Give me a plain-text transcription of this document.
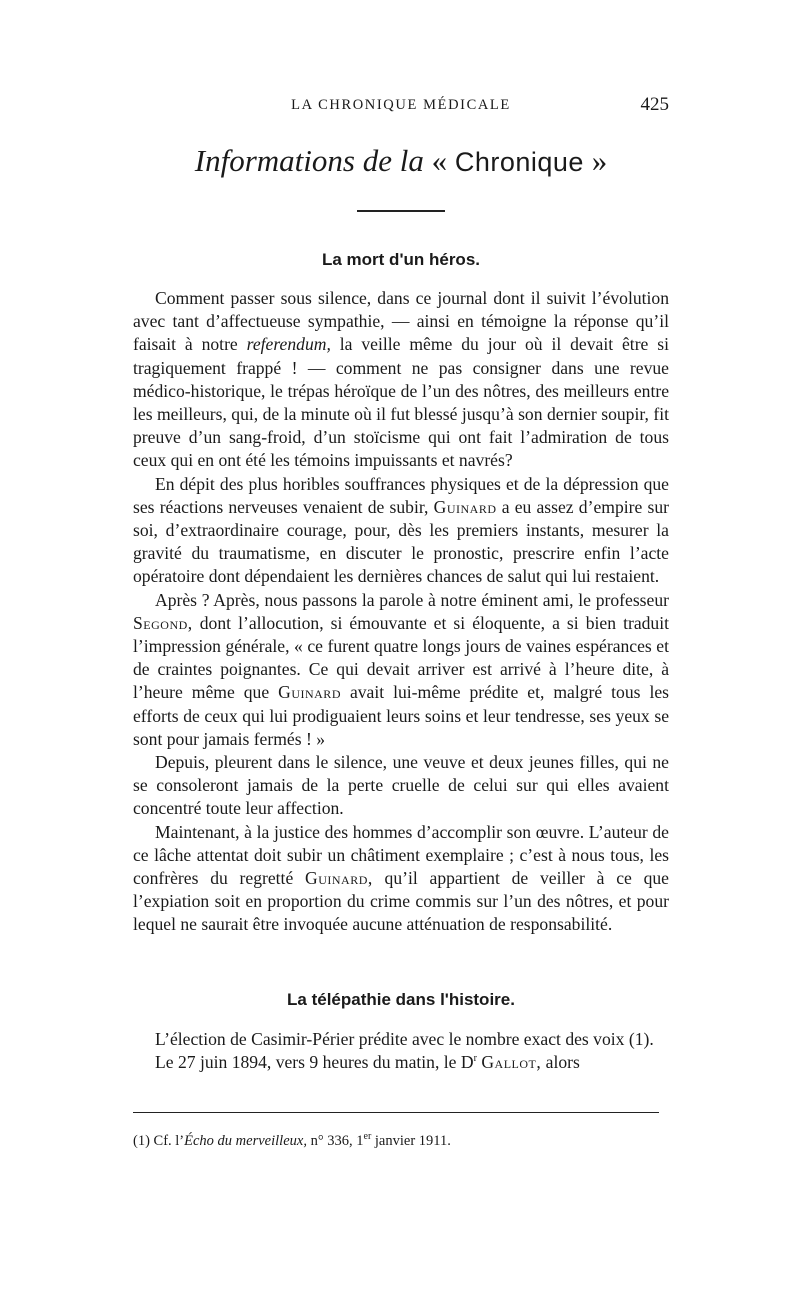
LA CHRONIQUE MÉDICALE	425
Informations de la « Chronique »
La mort d'un héros.

Comment passer sous silence, dans ce journal dont il suivit l’évolution avec tant d’affectueuse sympathie, — ainsi en témoigne la réponse qu’il faisait à notre referendum, la veille même du jour où il devait être si tragiquement frappé ! — comment ne pas consigner dans une revue médico-historique, le trépas héroïque de l’un des nôtres, des meilleurs entre les meilleurs, qui, de la minute où il fut blessé jusqu’à son dernier soupir, fit preuve d’un sang-froid, d’un stoïcisme qui ont fait l’admiration de tous ceux qui en ont été les témoins impuissants et navrés?

En dépit des plus horibles souffrances physiques et de la dépression que ses réactions nerveuses venaient de subir, Guinard a eu assez d’empire sur soi, d’extraordinaire courage, pour, dès les premiers instants, mesurer la gravité du traumatisme, en discuter le pronostic, prescrire enfin l’acte opératoire dont dépendaient les dernières chances de salut qui lui restaient.

Après ? Après, nous passons la parole à notre éminent ami, le professeur Segond, dont l’allocution, si émouvante et si éloquente, a si bien traduit l’impression générale, « ce furent quatre longs jours de vaines espérances et de craintes poignantes. Ce qui devait arriver est arrivé à l’heure dite, à l’heure même que Guinard avait lui-même prédite et, malgré tous les efforts de ceux qui lui prodiguaient leurs soins et leur tendresse, ses yeux se sont pour jamais fermés ! »

Depuis, pleurent dans le silence, une veuve et deux jeunes filles, qui ne se consoleront jamais de la perte cruelle de celui sur qui elles avaient concentré toute leur affection.

Maintenant, à la justice des hommes d’accomplir son œuvre. L’auteur de ce lâche attentat doit subir un châtiment exemplaire ; c’est à nous tous, les confrères du regretté Guinard, qu’il appartient de veiller à ce que l’expiation soit en proportion du crime commis sur l’un des nôtres, et pour lequel ne saurait être invoquée aucune atténuation de responsabilité.

La télépathie dans l'histoire.

L’élection de Casimir-Périer prédite avec le nombre exact des voix (1).

Le 27 juin 1894, vers 9 heures du matin, le $D^r$ Gallot, alors

(1) Cf. l’Écho du merveilleux, n° 336, 1er janvier 1911.
